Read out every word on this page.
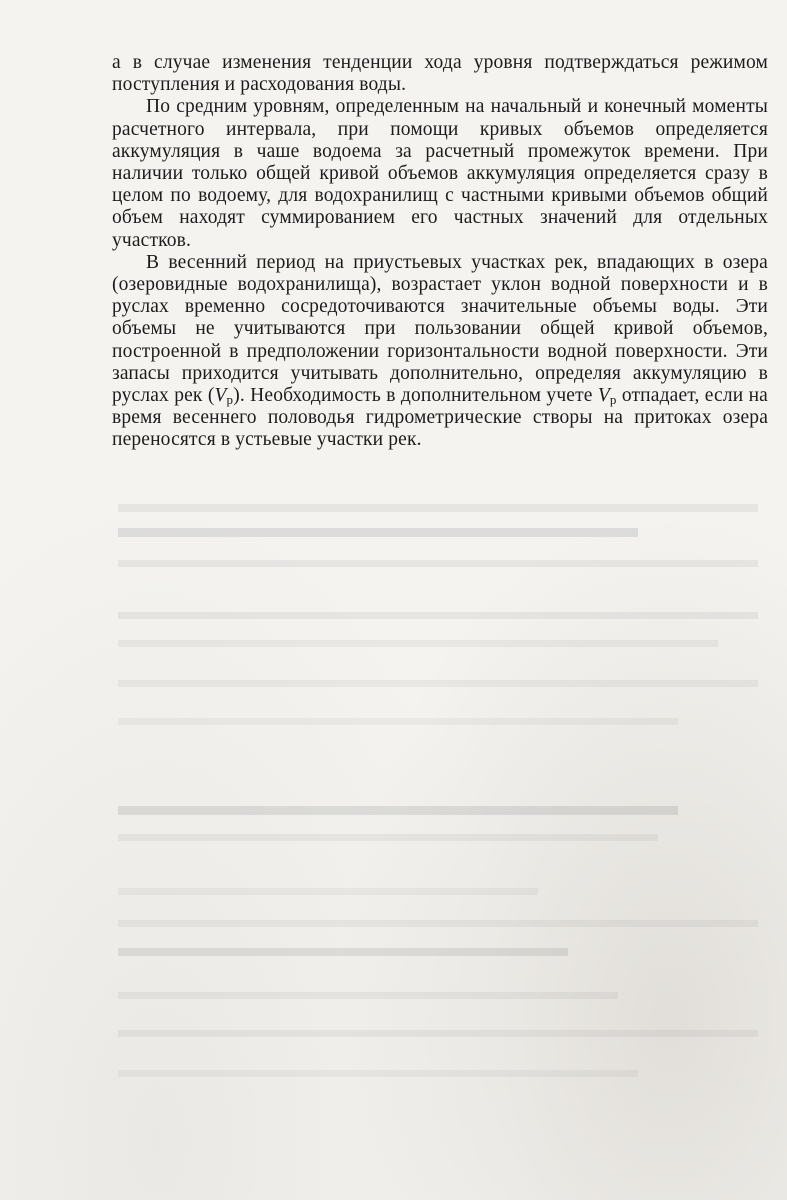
а в случае изменения тенденции хода уровня подтверждаться режимом поступления и расходования воды.

По средним уровням, определенным на начальный и конечный моменты расчетного интервала, при помощи кривых объемов определяется аккумуляция в чаше водоема за расчетный промежуток времени. При наличии только общей кривой объемов аккумуляция определяется сразу в целом по водоему, для водохранилищ с частными кривыми объемов общий объем находят суммированием его частных значений для отдельных участков.

В весенний период на приустьевых участках рек, впадающих в озера (озеровидные водохранилища), возрастает уклон водной поверхности и в руслах временно сосредоточиваются значительные объемы воды. Эти объемы не учитываются при пользовании общей кривой объемов, построенной в предположении горизонтальности водной поверхности. Эти запасы приходится учитывать дополнительно, определяя аккумуляцию в руслах рек $(V_р)$. Необходимость в дополнительном учете $V_р$ отпадает, если на время весеннего половодья гидрометрические створы на притоках озера переносятся в устьевые участки рек.
